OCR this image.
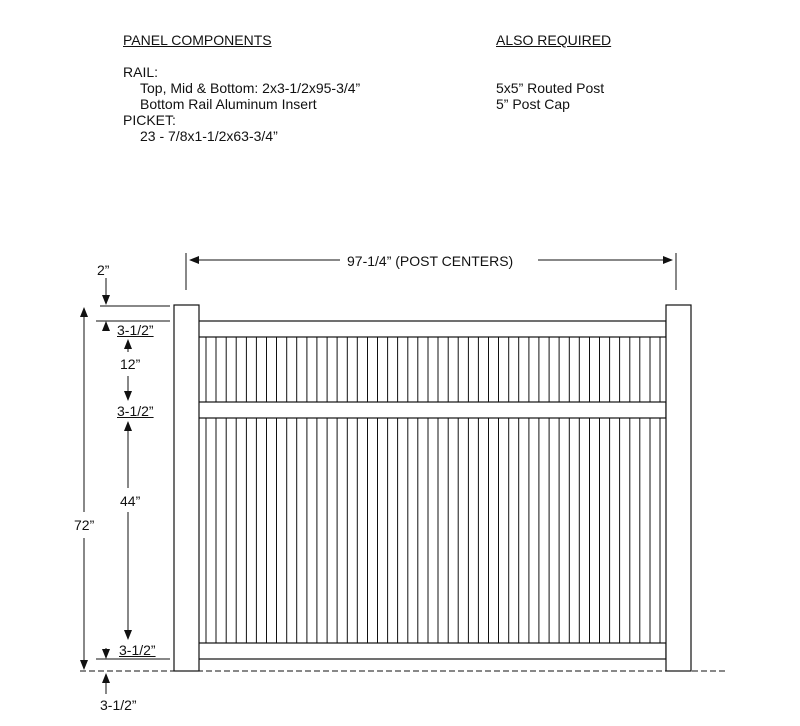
PANEL COMPONENTS
RAIL:
Top, Mid & Bottom: 2x3-1/2x95-3/4”
Bottom Rail Aluminum Insert
PICKET:
23 - 7/8x1-1/2x63-3/4”
ALSO REQUIRED
5x5” Routed Post
5” Post Cap
97-1/4” (POST CENTERS)
2”
3-1/2”
12”
3-1/2”
44”
3-1/2”
72”
3-1/2”
